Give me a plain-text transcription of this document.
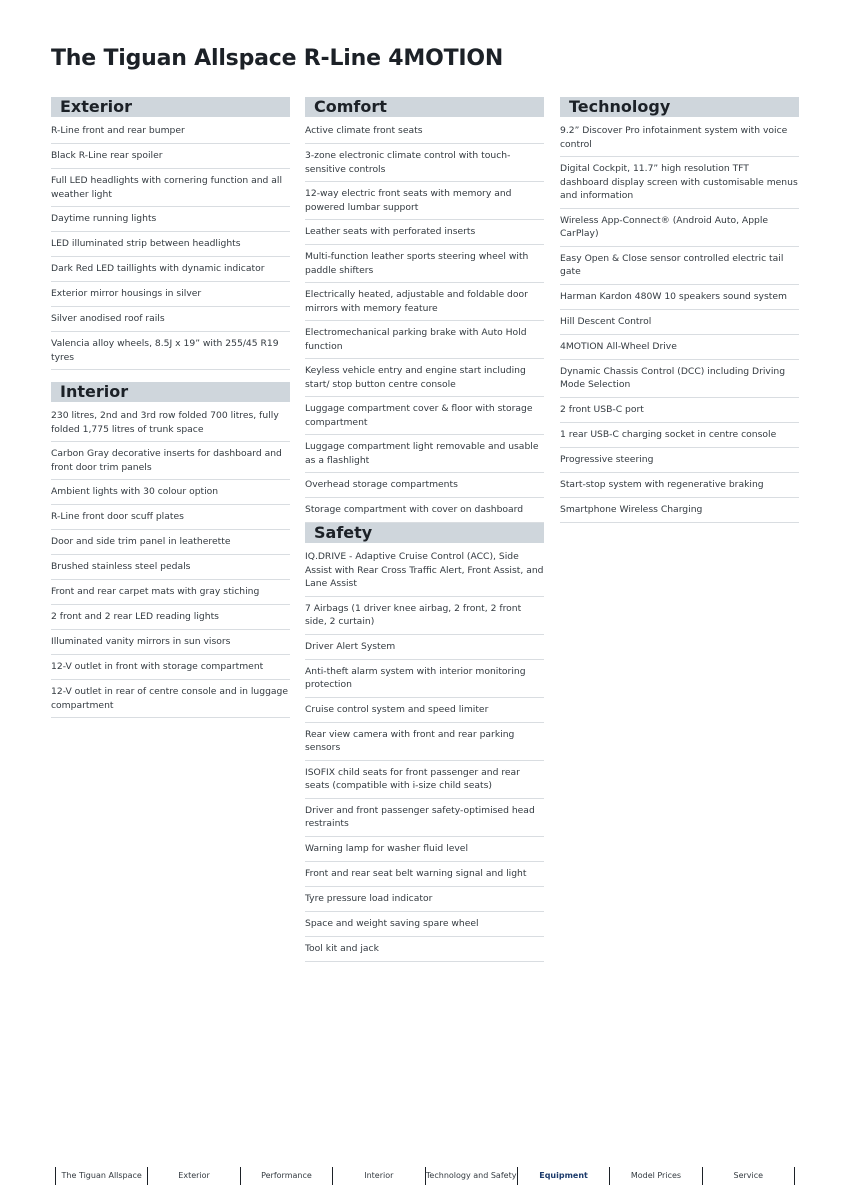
The Tiguan Allspace R-Line 4MOTION
Exterior
R-Line front and rear bumper
Black R-Line rear spoiler
Full LED headlights with cornering function and all weather light
Daytime running lights
LED illuminated strip between headlights
Dark Red LED taillights with dynamic indicator
Exterior mirror housings in silver
Silver anodised roof rails
Valencia alloy wheels, 8.5J x 19” with 255/45 R19 tyres
Interior
230 litres, 2nd and 3rd row folded 700 litres, fully folded 1,775 litres of trunk space
Carbon Gray decorative inserts for dashboard and front door trim panels
Ambient lights with 30 colour option
R-Line front door scuff plates
Door and side trim panel in leatherette
Brushed stainless steel pedals
Front and rear carpet mats with gray stiching
2 front and 2 rear LED reading lights
Illuminated vanity mirrors in sun visors
12-V outlet in front with storage compartment
12-V outlet in rear of centre console and in luggage compartment
Comfort
Active climate front seats
3-zone electronic climate control with touch-sensitive controls
12-way electric front seats with memory and powered lumbar support
Leather seats with perforated inserts
Multi-function leather sports steering wheel with paddle shifters
Electrically heated, adjustable and foldable door mirrors with memory feature
Electromechanical parking brake with Auto Hold function
Keyless vehicle entry and engine start including start/ stop button centre console
Luggage compartment cover & floor with storage compartment
Luggage compartment light removable and usable as a flashlight
Overhead storage compartments
Storage compartment with cover on dashboard
Safety
IQ.DRIVE - Adaptive Cruise Control (ACC), Side Assist with Rear Cross Traffic Alert, Front Assist, and Lane Assist
7 Airbags (1 driver knee airbag, 2 front, 2 front side, 2 curtain)
Driver Alert System
Anti-theft alarm system with interior monitoring protection
Cruise control system and speed limiter
Rear view camera with front and rear parking sensors
ISOFIX child seats for front passenger and rear seats (compatible with i-size child seats)
Driver and front passenger safety-optimised head restraints
Warning lamp for washer fluid level
Front and rear seat belt warning signal and light
Tyre pressure load indicator
Space and weight saving spare wheel
Tool kit and jack
Technology
9.2” Discover Pro infotainment system with voice control
Digital Cockpit, 11.7” high resolution TFT dashboard display screen with customisable menus and information
Wireless App-Connect® (Android Auto, Apple CarPlay)
Easy Open & Close sensor controlled electric tail gate
Harman Kardon 480W 10 speakers sound system
Hill Descent Control
4MOTION All-Wheel Drive
Dynamic Chassis Control (DCC) including Driving Mode Selection
2 front USB-C port
1 rear USB-C charging socket in centre console
Progressive steering
Start-stop system with regenerative braking
Smartphone Wireless Charging
The Tiguan Allspace	Exterior	Performance	Interior	Technology and Safety	Equipment	Model Prices	Service
